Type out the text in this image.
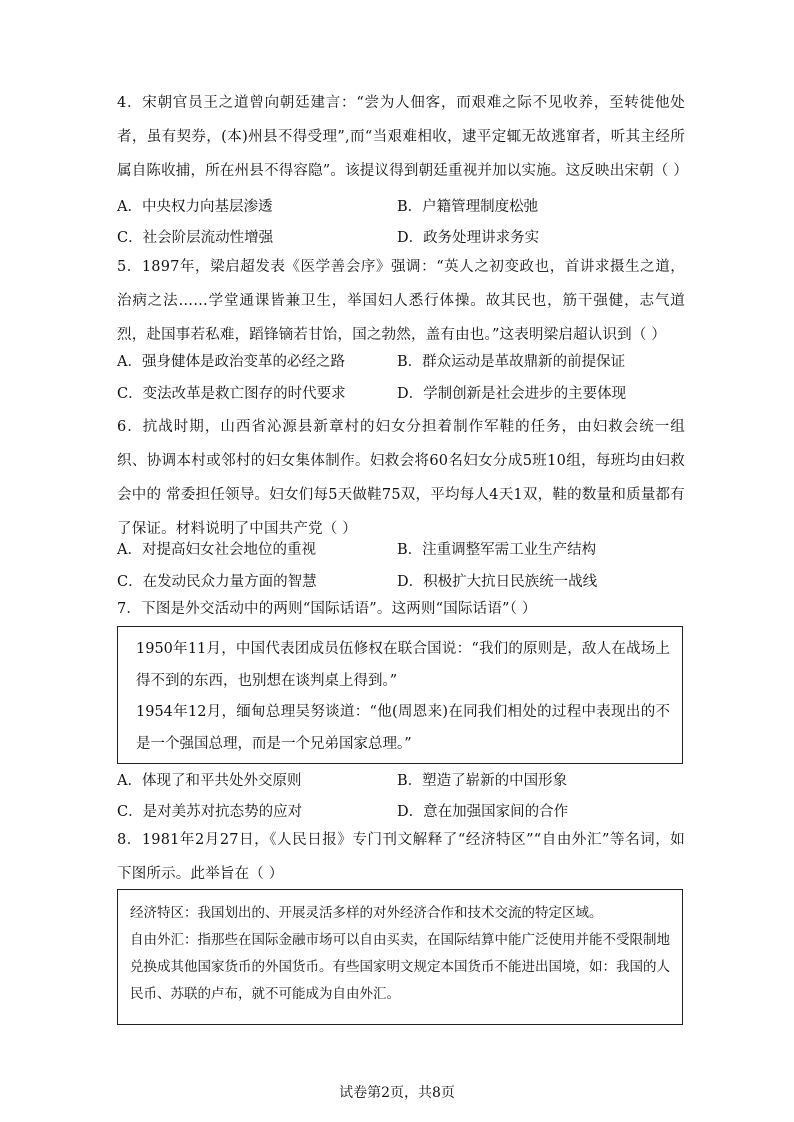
4．宋朝官员王之道曾向朝廷建言：“尝为人佃客，而艰难之际不见收养，至转徙他处者，虽有契券，(本)州县不得受理”,而“当艰难相收，逮平定辄无故逃窜者，听其主经所属自陈收捕，所在州县不得容隐”。该提议得到朝廷重视并加以实施。这反映出宋朝（ ）

A．中央权力向基层渗透	B．户籍管理制度松弛
C．社会阶层流动性增强	D．政务处理讲求务实

5．1897年，梁启超发表《医学善会序》强调：“英人之初变政也，首讲求摄生之道，治病之法……学堂通课皆兼卫生，举国妇人悉行体操。故其民也，筋干强健，志气道烈，赴国事若私难，蹈锋镝若甘饴，国之勃然，盖有由也。”这表明梁启超认识到（ ）

A．强身健体是政治变革的必经之路	B．群众运动是革故鼎新的前提保证
C．变法改革是救亡图存的时代要求	D．学制创新是社会进步的主要体现

6．抗战时期，山西省沁源县新章村的妇女分担着制作军鞋的任务，由妇救会统一组织、协调本村或邻村的妇女集体制作。妇救会将60名妇女分成5班10组，每班均由妇救会中的 常委担任领导。妇女们每5天做鞋75双，平均每人4天1双，鞋的数量和质量都有了保证。材料说明了中国共产党（ ）

A．对提高妇女社会地位的重视	B．注重调整军需工业生产结构
C．在发动民众力量方面的智慧	D．积极扩大抗日民族统一战线

7．下图是外交活动中的两则“国际话语”。这两则“国际话语”（ ）

1950年11月，中国代表团成员伍修权在联合国说：“我们的原则是，敌人在战场上得不到的东西，也别想在谈判桌上得到。”

1954年12月，缅甸总理吴努谈道：“他(周恩来)在同我们相处的过程中表现出的不是一个强国总理，而是一个兄弟国家总理。”

A．体现了和平共处外交原则	B．塑造了崭新的中国形象
C．是对美苏对抗态势的应对	D．意在加强国家间的合作

8．1981年2月27日，《人民日报》专门刊文解释了“经济特区”“自由外汇”等名词，如下图所示。此举旨在（ ）

经济特区：我国划出的、开展灵活多样的对外经济合作和技术交流的特定区域。

自由外汇：指那些在国际金融市场可以自由买卖，在国际结算中能广泛使用并能不受限制地兑换成其他国家货币的外国货币。有些国家明文规定本国货币不能进出国境，如：我国的人民币、苏联的卢布，就不可能成为自由外汇。

试卷第2页，共8页
